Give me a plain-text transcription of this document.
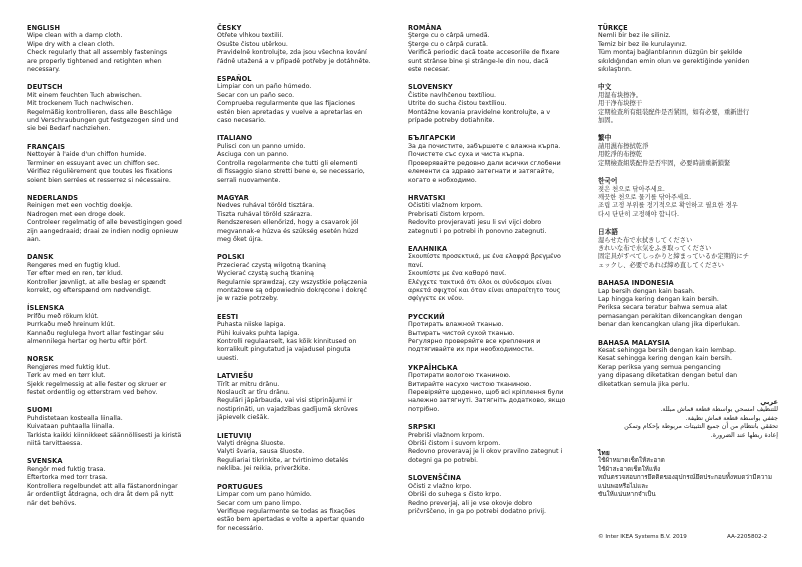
ENGLISH
Wipe clean with a damp cloth.
Wipe dry with a clean cloth.
Check regularly that all assembly fastenings
are properly tightened and retighten when
necessary.
DEUTSCH
Mit einem feuchten Tuch abwischen.
Mit trockenem Tuch nachwischen.
Regelmäßig kontrollieren, dass alle Beschläge
und Verschraubungen gut festgezogen sind und
sie bei Bedarf nachziehen.
FRANÇAIS
Nettoyer à l'aide d'un chiffon humide.
Terminer en essuyant avec un chiffon sec.
Vérifiez régulièrement que toutes les fixations
soient bien serrées et resserrez si nécessaire.
NEDERLANDS
Reinigen met een vochtig doekje.
Nadrogen met een droge doek.
Controleer regelmatig of alle bevestigingen goed
zijn aangedraaid; draai ze indien nodig opnieuw
aan.
DANSK
Rengøres med en fugtig klud.
Tør efter med en ren, tør klud.
Kontroller jævnligt, at alle beslag er spændt
korrekt, og efterspænd om nødvendigt.
ÍSLENSKA
Þrífðu með rökum klút.
Þurrkaðu með hreinum klút.
Kannaðu reglulega hvort allar festingar séu
almennilega hertar og hertu eftir þörf.
NORSK
Rengjøres med fuktig klut.
Tørk av med en tørr klut.
Sjekk regelmessig at alle fester og skruer er
festet ordentlig og etterstram ved behov.
SUOMI
Puhdistetaan kostealla liinalla.
Kuivataan puhtaalla liinalla.
Tarkista kaikki kiinnikkeet säännöllisesti ja kiristä
niitä tarvittaessa.
SVENSKA
Rengör med fuktig trasa.
Eftertorka med torr trasa.
Kontrollera regelbundet att alla fästanordningar
är ordentligt åtdragna, och dra åt dem på nytt
när det behövs.
ČESKY
Otřete vlhkou textilií.
Osušte čistou utěrkou.
Pravidelně kontrolujte, zda jsou všechna kování
řádně utažená a v případě potřeby je dotáhněte.
ESPAÑOL
Limpiar con un paño húmedo.
Secar con un paño seco.
Comprueba regularmente que las fijaciones
estén bien apretadas y vuelve a apretarlas en
caso necesario.
ITALIANO
Pulisci con un panno umido.
Asciuga con un panno.
Controlla regolarmente che tutti gli elementi
di fissaggio siano stretti bene e, se necessario,
serrali nuovamente.
MAGYAR
Nedves ruhával töröld tisztára.
Tiszta ruhával töröld szárazra.
Rendszeresen ellenőrizd, hogy a csavarok jól
megvannak-e húzva és szükség esetén húzd
meg őket újra.
POLSKI
Przecierać czystą wilgotną tkaniną
Wycierać czystą suchą tkaniną
Regularnie sprawdzaj, czy wszystkie połączenia
montażowe są odpowiednio dokręcone i dokręć
je w razie potrzeby.
EESTI
Puhasta niiske lapiga.
Pühi kuivaks puhta lapiga.
Kontrolli regulaarselt, kas kõik kinnitused on
korralikult pingutatud ja vajadusel pinguta
uuesti.
LATVIEŠU
Tīrīt ar mitru drānu.
Noslaucīt ar tīru drānu.
Regulāri jāpārbauda, vai visi stiprinājumi ir
nostiprināti, un vajadzības gadījumā skrūves
jāpievelk ciešāk.
LIETUVIŲ
Valyti drėgna šluoste.
Valyti švaria, sausa šluoste.
Reguliariai tikrinkite, ar tvirtinimo detalės
neklibа. Jei reikia, priveržkite.
PORTUGUES
Limpar com um pano húmido.
Secar com um pano limpo.
Verifique regularmente se todas as fixações
estão bem apertadas e volte a apertar quando
for necessário.
ROMÂNA
Şterge cu o cârpă umedă.
Şterge cu o cârpă curată.
Verifică periodic dacă toate accesoriile de fixare
sunt strânse bine şi strânge-le din nou, dacă
este necesar.
SLOVENSKY
Čistite navlhčenou textíliou.
Utrite do sucha čistou textíliou.
Montážne kovania pravidelne kontrolujte, a v
prípade potreby dotiahnite.
БЪЛГАРСКИ
За да почистите, забършете с влажна кърпа.
Почистете със суха и чиста кърпа.
Проверявайте редовно дали всички сглобени
елементи са здраво затегнати и затягайте,
когато е нобходимо.
HRVATSKI
Očistiti vlažnom krpom.
Prebrisati čistom krpom.
Redovito provjeravati jesu li svi vijci dobro
zategnuti i po potrebi ih ponovno zategnuti.
ΕΛΛΗΝΙΚΑ
Σκουπίστε προσεκτικά, με ένα ελαφρά βρεγμένο
πανί.
Σκουπίστε με ένα καθαρό πανί.
Ελέγχετε τακτικά ότι όλοι οι σύνδεσμοι είναι
αρκετά σφιχτοί και όταν είναι απαραίτητο τους
σφίγγετε εκ νέου.
РУССКИЙ
Протирать влажной тканью.
Вытирать чистой сухой тканью.
Регулярно проверяйте все крепления и
подтягивайте их при необходимости.
УКРАЇНСЬКА
Протирати вологою тканиною.
Витирайте насухо чистою тканиною.
Перевіряйте щоденно, щоб всі кріплення були
належно затягнуті. Затягніть додатково, якщо
потрібно.
SRPSKI
Prebriši vlažnom krpom.
Obriši čistom i suvom krpom.
Redovno proveravaj je li okov pravilno zategnut i
dotegni ga po potrebi.
SLOVENŠČINA
Očisti z vlažno krpo.
Obriši do suhega s čisto krpo.
Redno preverjaj, ali je vse okovje dobro
pričvrščeno, in ga po potrebi dodatno privij.
TÜRKÇE
Nemli bir bez ile siliniz.
Temiz bir bez ile kurulayınız.
Tüm montaj bağlantılarının düzgün bir şekilde
sıkıldığından emin olun ve gerektiğinde yeniden
sıkılaştırın.
中文
用湿布块擦净。
用干净布块擦干
定期检查所有组装配件是否紧固，如有必要，重新进行
加固。
繁中
請用濕布擦拭乾淨
用乾淨的布擦乾
定期檢查組裝配件是否牢固，必要時請重新鎖緊
한국어
젖은 천으로 닦아주세요.
깨끗한 천으로 물기를 닦아주세요.
조립 고정 부위를 정기적으로 확인하고 필요한 경우
다시 단단히 고정해야 합니다.
日本語
湿らせた布で水拭きしてください
きれいな布で水気をふき取ってください
固定具がすべてしっかりと締まっているか定期的にチ
ェックし、必要であれば締め直してください
BAHASA INDONESIA
Lap bersih dengan kain basah.
Lap hingga kering dengan kain bersih.
Periksa secara teratur bahwa semua alat
pemasangan perakitan dikencangkan dengan
benar dan kencangkan ulang jika diperlukan.
BAHASA MALAYSIA
Kesat sehingga bersih dengan kain lembap.
Kesat sehingga kering dengan kain bersih.
Kerap periksa yang semua pengancing
yang dipasang diketatkan dengan betul dan
diketatkan semula jika perlu.
عربي
للتنظيف امسحي بواسطة قطعة قماش مبللة.
جففي بواسطة قطعة قماش نظيفة.
تحققي بانتظام من أن جميع التثبيتات مربوطة بإحكام وتمكن
إعادة ربطها عند الضرورة.
ไทย
ใช้ผ้าหมาดเช็ดให้สะอาด
ใช้ผ้าสะอาดเช็ดให้แห้ง
หมั่นตรวจสอบการยึดติดของอุปกรณ์ยึดประกอบทั้งหมดว่ามีความแน่นพอหรือไม่และ
ขันให้แน่นหากจำเป็น
© Inter IKEA Systems B.V. 2019	AA-2205802-2
